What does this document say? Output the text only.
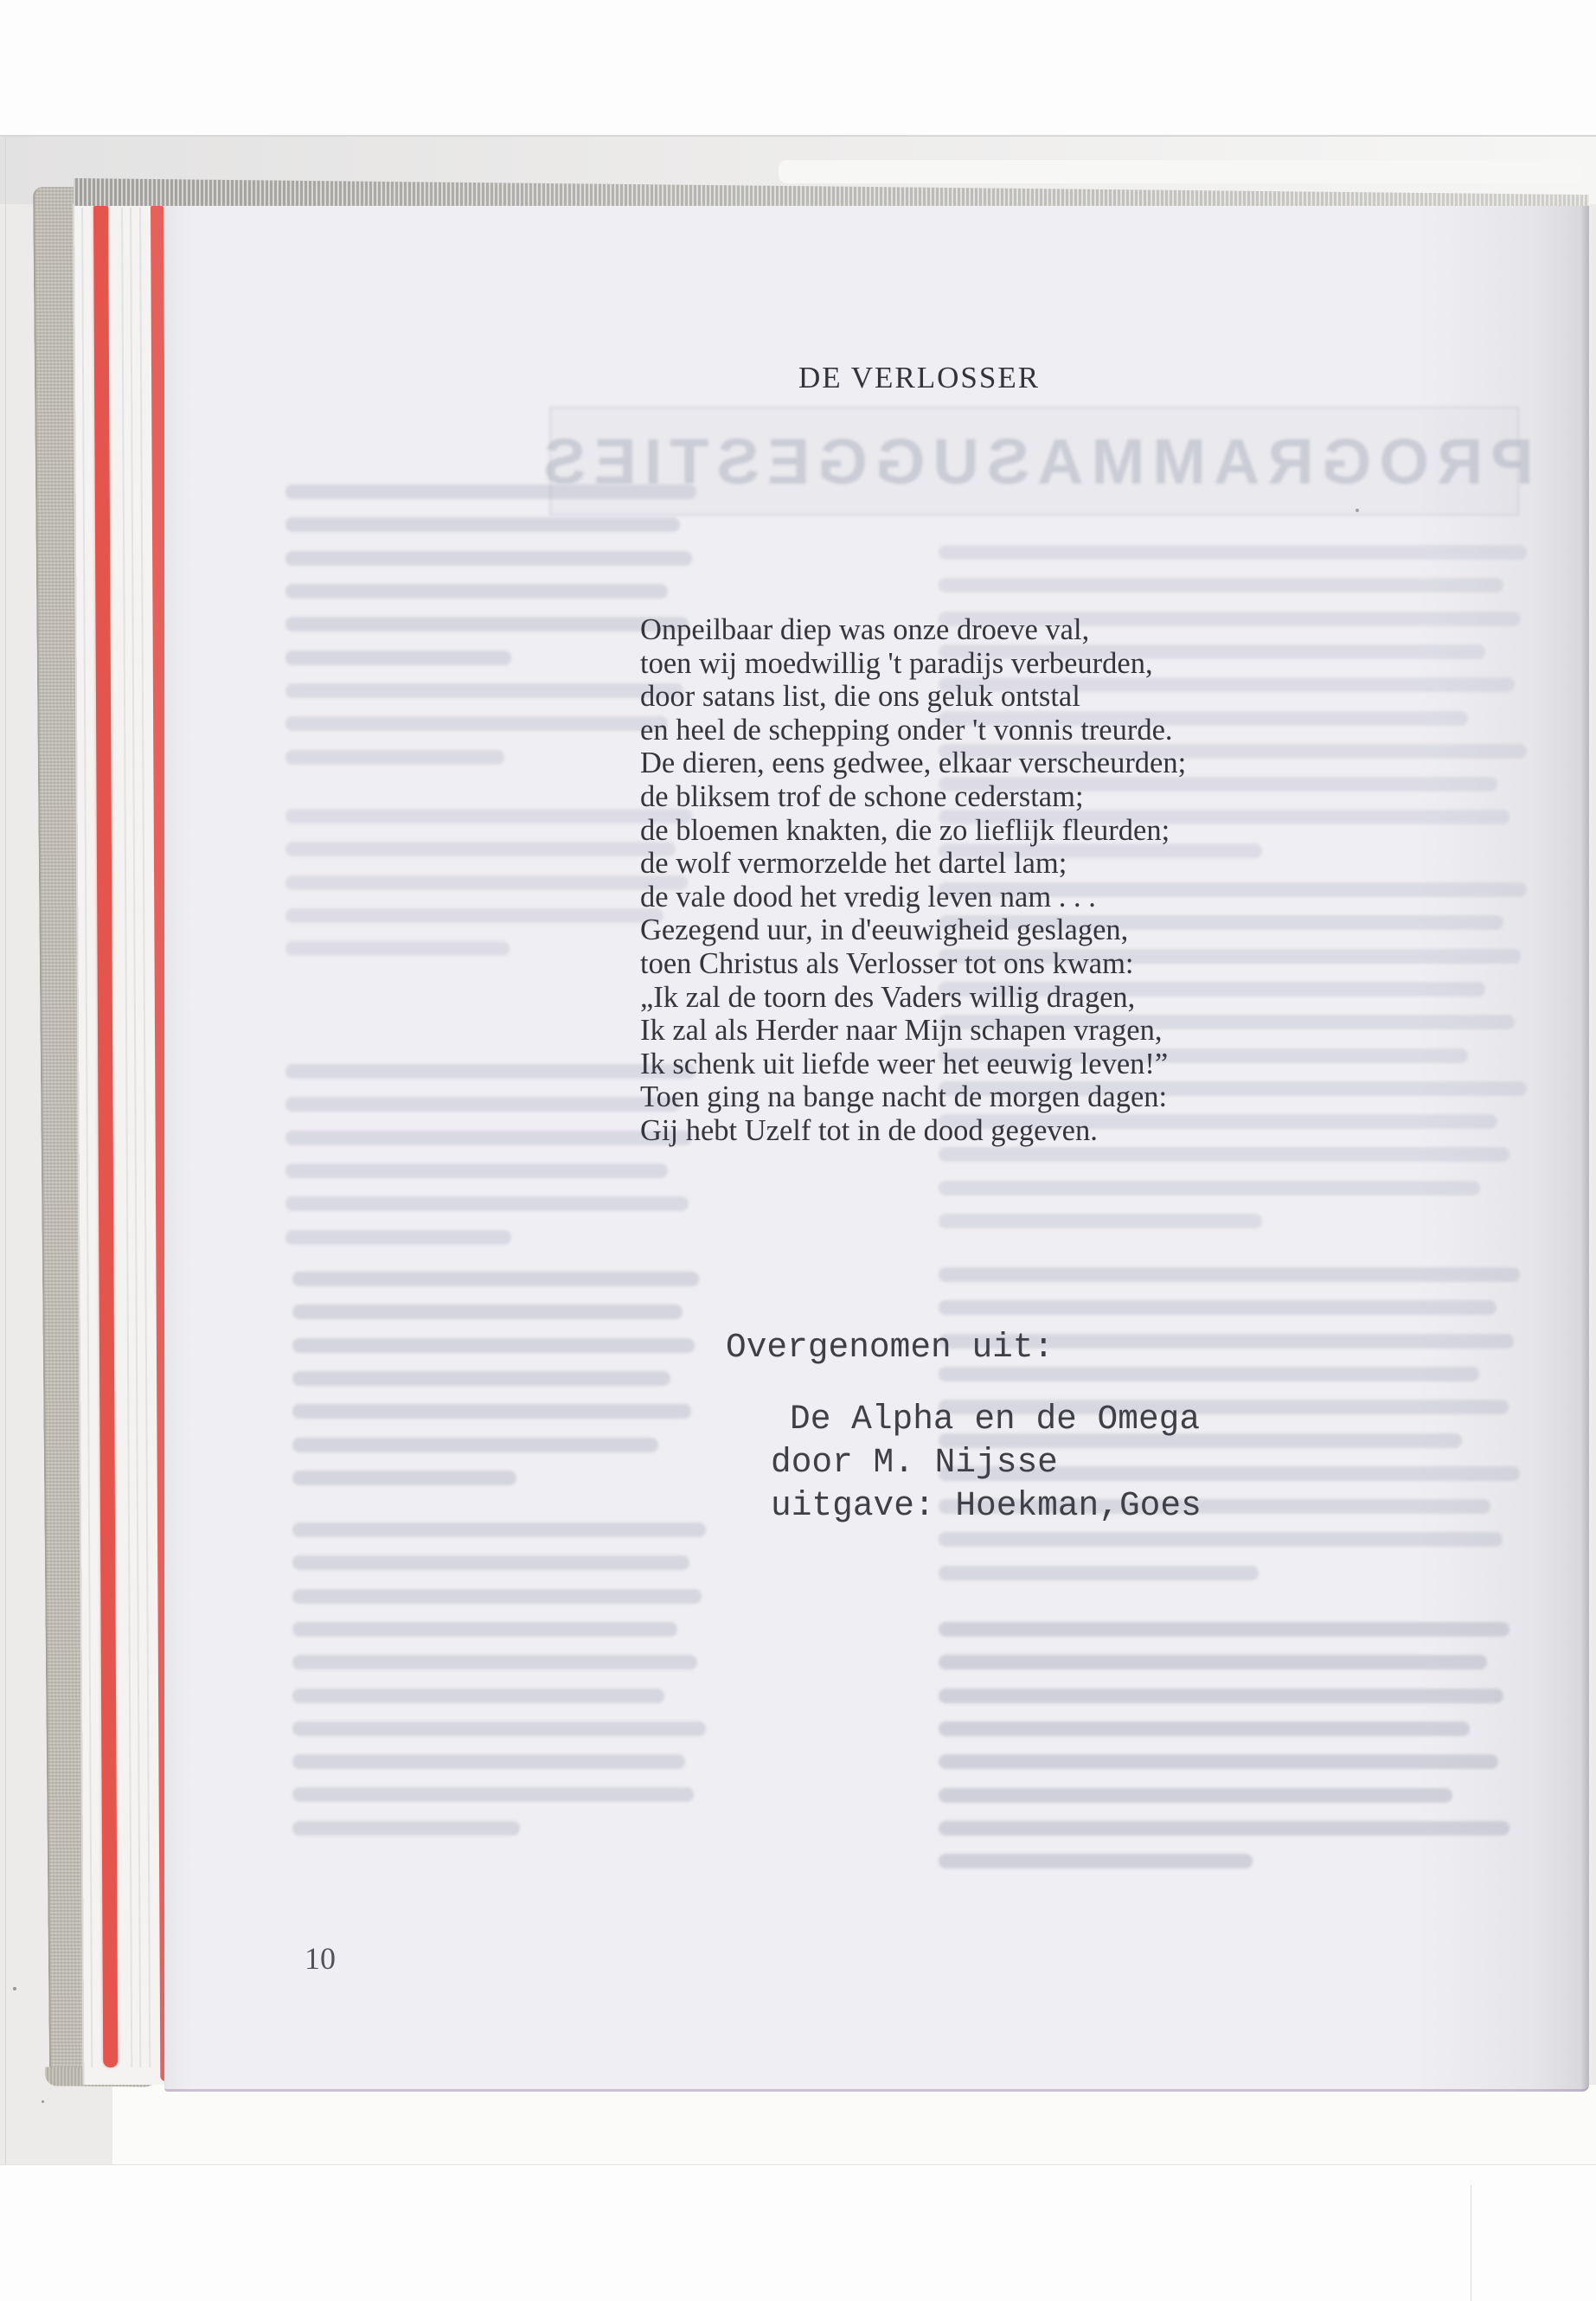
PROGRAMMASUGGESTIES
DE VERLOSSER
Onpeilbaar diep was onze droeve val,
toen wij moedwillig 't paradijs verbeurden,
door satans list, die ons geluk ontstal
en heel de schepping onder 't vonnis treurde.
De dieren, eens gedwee, elkaar verscheurden;
de bliksem trof de schone cederstam;
de bloemen knakten, die zo lieflijk fleurden;
de wolf vermorzelde het dartel lam;
de vale dood het vredig leven nam . . .
Gezegend uur, in d'eeuwigheid geslagen,
toen Christus als Verlosser tot ons kwam:
„Ik zal de toorn des Vaders willig dragen,
Ik zal als Herder naar Mijn schapen vragen,
Ik schenk uit liefde weer het eeuwig leven!”
Toen ging na bange nacht de morgen dagen:
Gij hebt Uzelf tot in de dood gegeven.
Overgenomen uit:
De Alpha en de Omega
door M. Nijsse
uitgave: Hoekman,Goes
10
